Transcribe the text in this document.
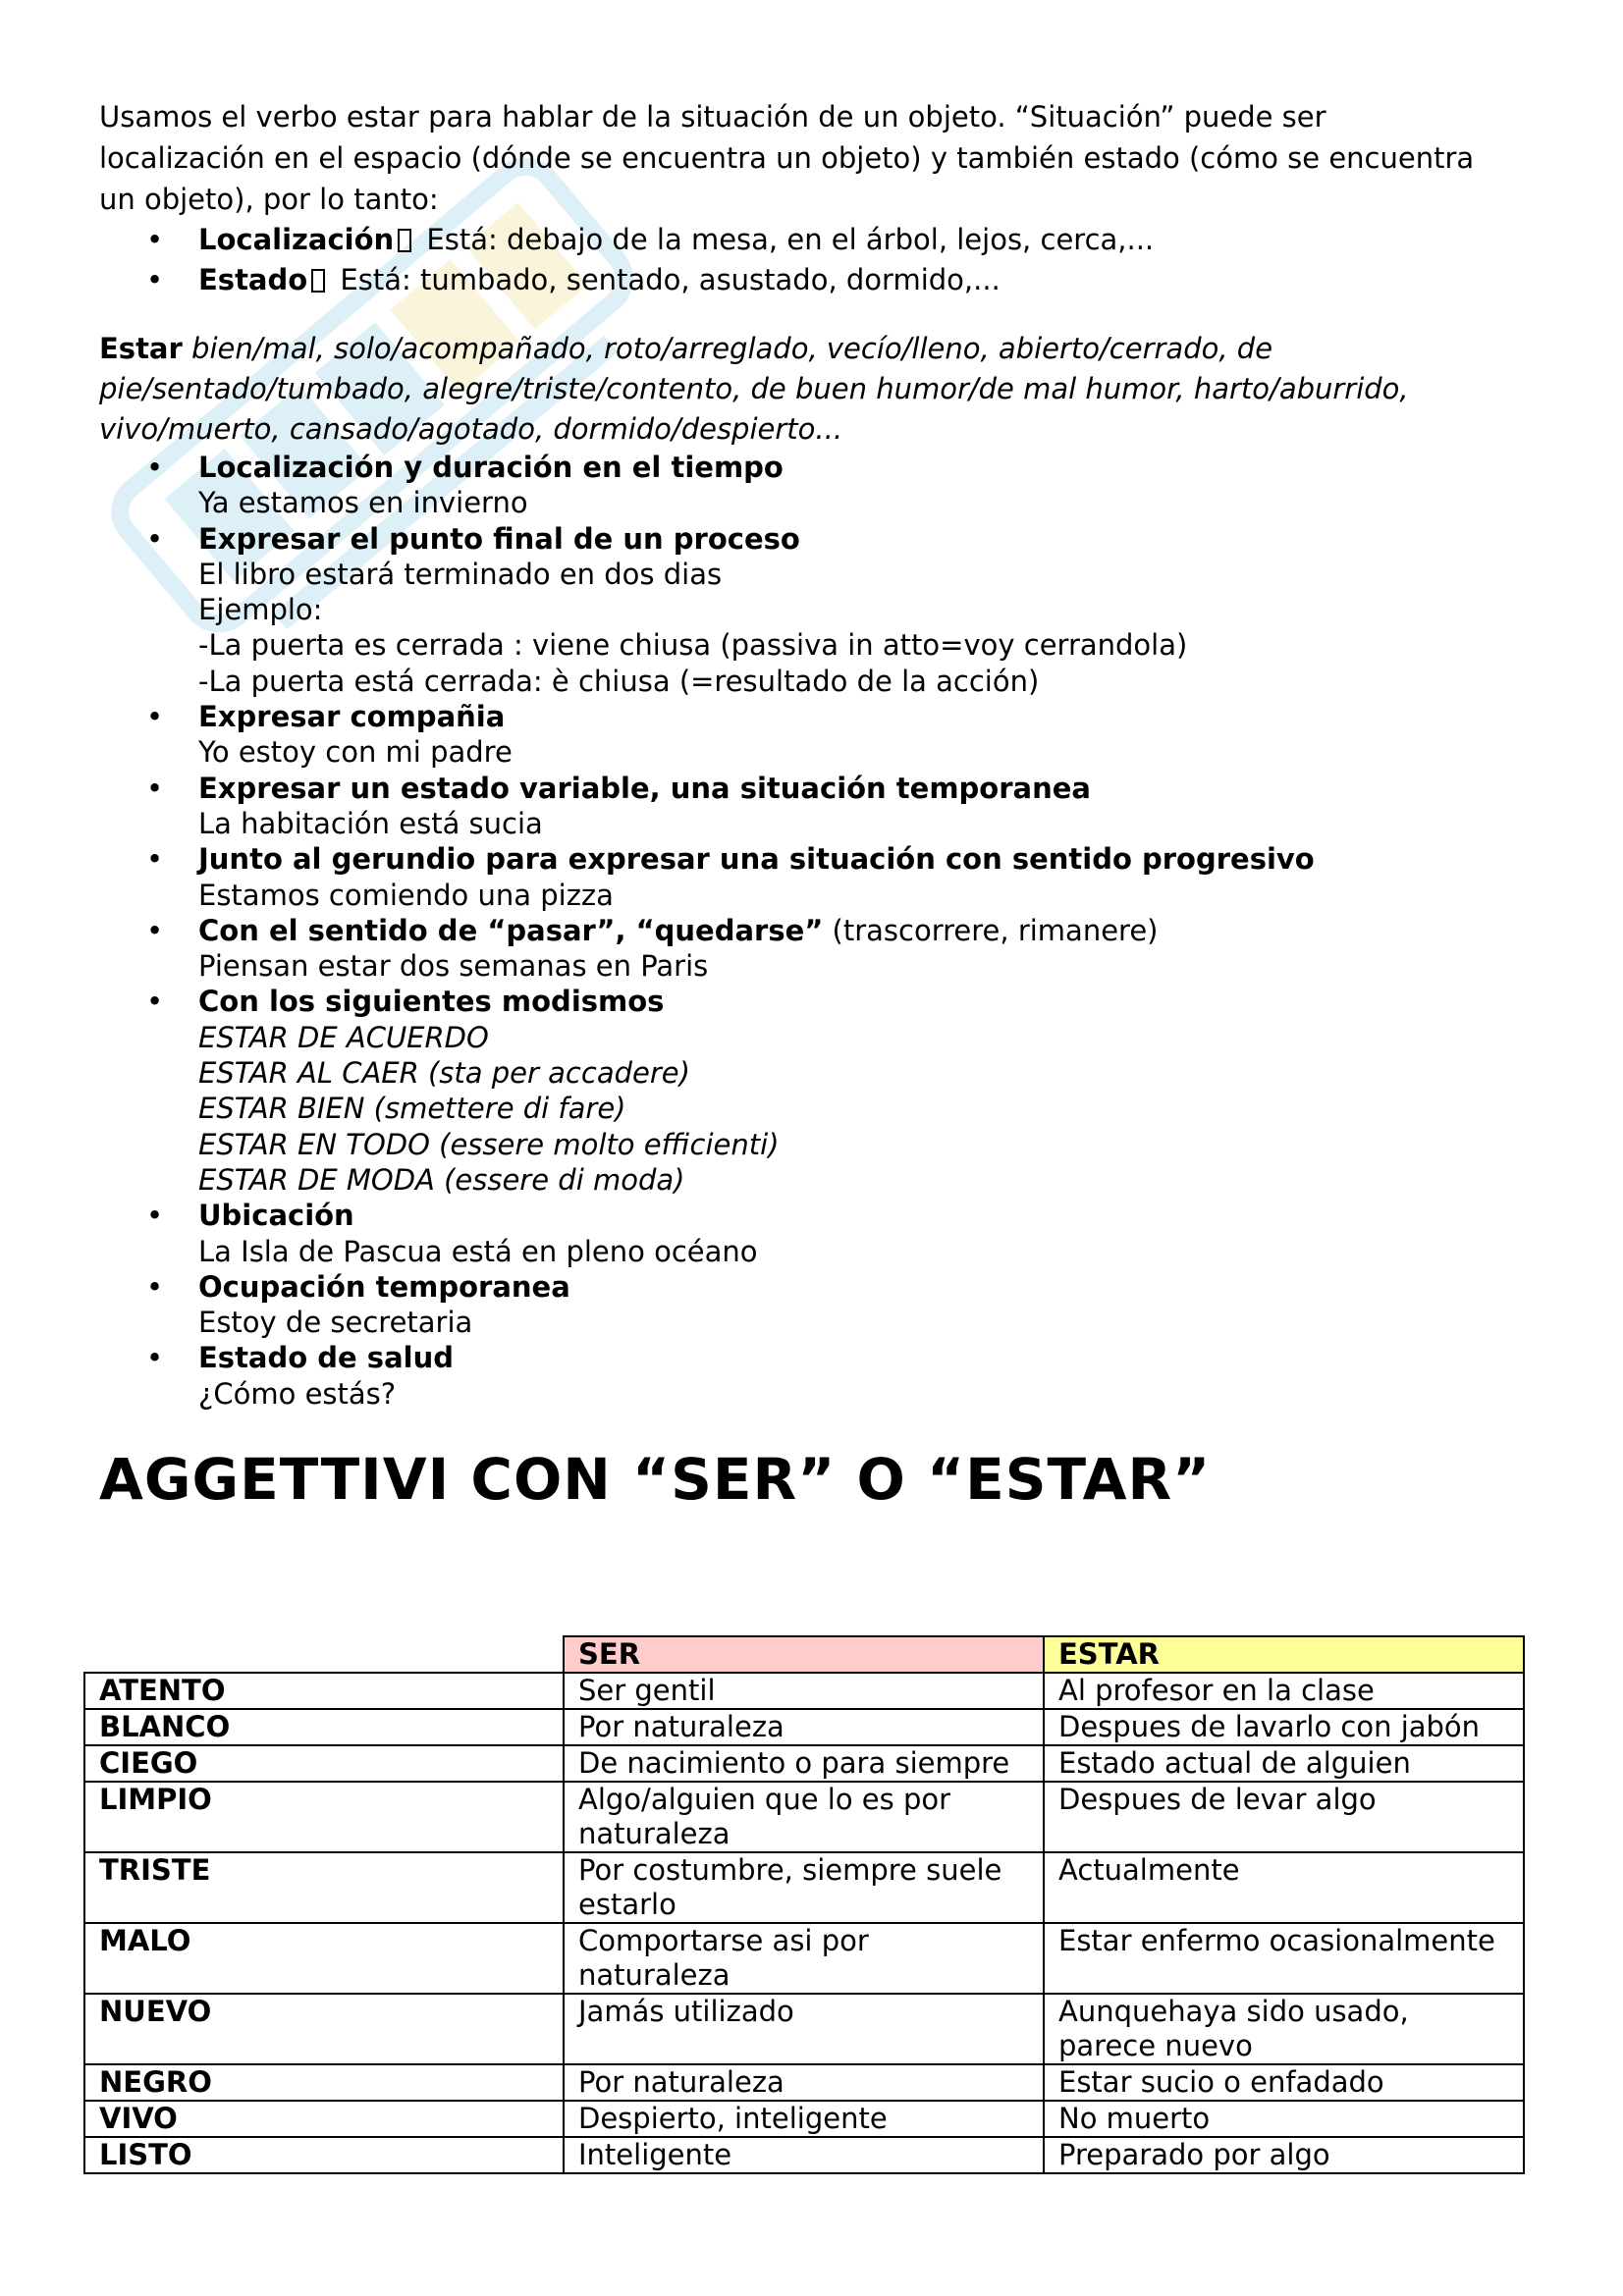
Usamos el verbo estar para hablar de la situación de un objeto. “Situación” puede ser localización en el espacio (dónde se encuentra un objeto) y también estado (cómo se encuentra un objeto), por lo tanto:

• Localización Está: debajo de la mesa, en el árbol, lejos, cerca,...
• Estado Está: tumbado, sentado, asustado, dormido,...

Estar bien/mal, solo/acompañado, roto/arreglado, vecío/lleno, abierto/cerrado, de pie/sentado/tumbado, alegre/triste/contento, de buen humor/de mal humor, harto/aburrido, vivo/muerto, cansado/agotado, dormido/despierto...

• Localización y duración en el tiempo
Ya estamos en invierno
• Expresar el punto final de un proceso
El libro estará terminado en dos dias
Ejemplo:
-La puerta es cerrada : viene chiusa (passiva in atto=voy cerrandola)
-La puerta está cerrada: è chiusa (=resultado de la acción)
• Expresar compañia
Yo estoy con mi padre
• Expresar un estado variable, una situación temporanea
La habitación está sucia
• Junto al gerundio para expresar una situación con sentido progresivo
Estamos comiendo una pizza
• Con el sentido de “pasar”, “quedarse” (trascorrere, rimanere)
Piensan estar dos semanas en Paris
• Con los siguientes modismos
ESTAR DE ACUERDO
ESTAR AL CAER (sta per accadere)
ESTAR BIEN (smettere di fare)
ESTAR EN TODO (essere molto efficienti)
ESTAR DE MODA (essere di moda)
• Ubicación
La Isla de Pascua está en pleno océano
• Ocupación temporanea
Estoy de secretaria
• Estado de salud
¿Cómo estás?
AGGETTIVI CON “SER” O “ESTAR”
	SER	ESTAR
ATENTO	Ser gentil	Al profesor en la clase
BLANCO	Por naturaleza	Despues de lavarlo con jabón
CIEGO	De nacimiento o para siempre	Estado actual de alguien
LIMPIO	Algo/alguien que lo es por naturaleza	Despues de levar algo
TRISTE	Por costumbre, siempre suele estarlo	Actualmente
MALO	Comportarse asi por naturaleza	Estar enfermo ocasionalmente
NUEVO	Jamás utilizado	Aunquehaya sido usado, parece nuevo
NEGRO	Por naturaleza	Estar sucio o enfadado
VIVO	Despierto, inteligente	No muerto
LISTO	Inteligente	Preparado por algo
